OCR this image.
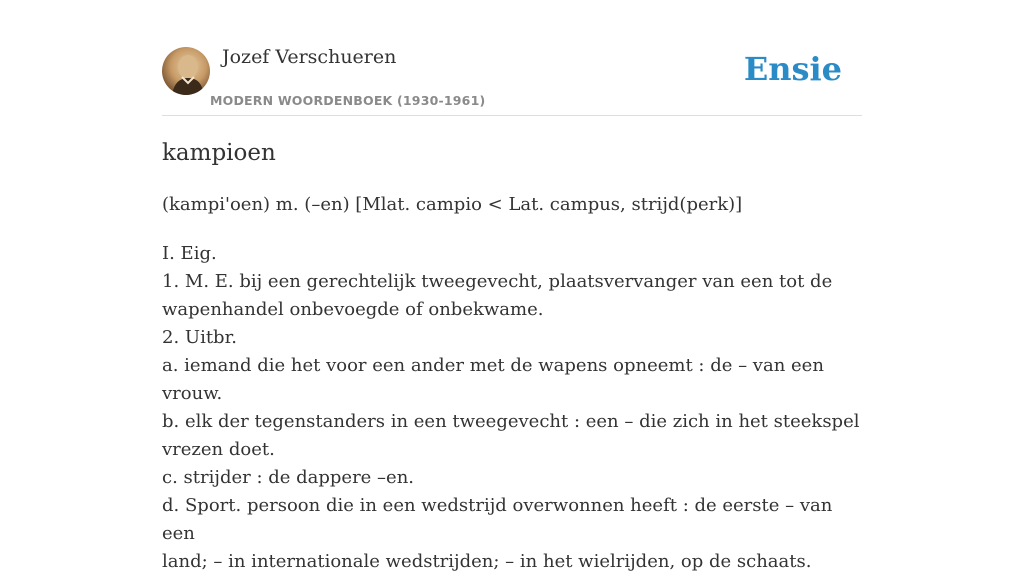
Jozef Verschueren
MODERN WOORDENBOEK (1930-1961)
Ensie
kampioen
(kampi'oen) m. (–en) [Mlat. campio < Lat. campus, strijd(perk)]
I. Eig.
1. M. E. bij een gerechtelijk tweegevecht, plaatsvervanger van een tot de
wapenhandel onbevoegde of onbekwame.
2. Uitbr.
a. iemand die het voor een ander met de wapens opneemt : de – van een vrouw.
b. elk der tegenstanders in een tweegevecht : een – die zich in het steekspel
vrezen doet.
c. strijder : de dappere –en.
d. Sport. persoon die in een wedstrijd overwonnen heeft : de eerste – van een
land; – in internationale wedstrijden; – in het wielrijden, op de schaats.
